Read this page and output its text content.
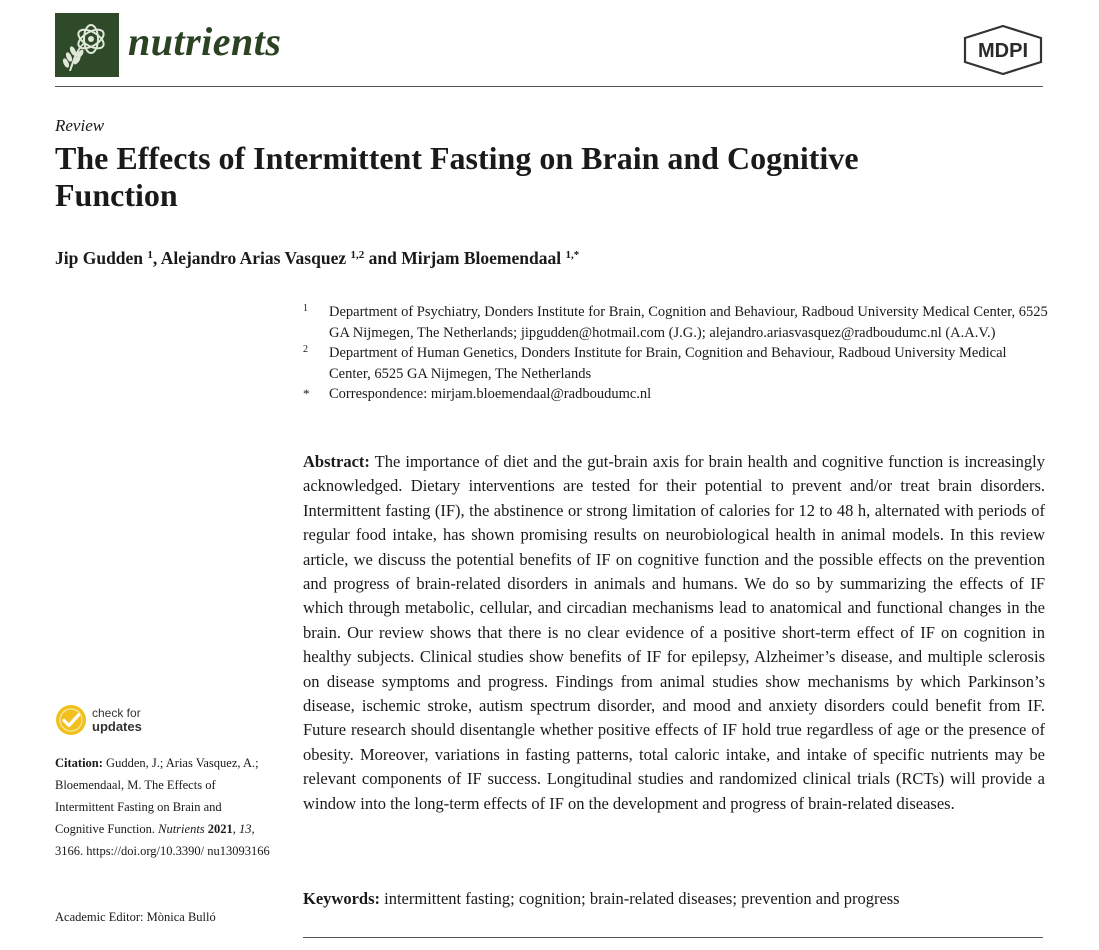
nutrients	MDPI
Review
The Effects of Intermittent Fasting on Brain and Cognitive Function
Jip Gudden $^1$, Alejandro Arias Vasquez $^{1,2}$ and Mirjam Bloemendaal $^{1,*}$
1 Department of Psychiatry, Donders Institute for Brain, Cognition and Behaviour, Radboud University Medical Center, 6525 GA Nijmegen, The Netherlands; jipgudden@hotmail.com (J.G.); alejandro.ariasvasquez@radboudumc.nl (A.A.V.)
2 Department of Human Genetics, Donders Institute for Brain, Cognition and Behaviour, Radboud University Medical Center, 6525 GA Nijmegen, The Netherlands
* Correspondence: mirjam.bloemendaal@radboudumc.nl
Abstract: The importance of diet and the gut-brain axis for brain health and cognitive function is increasingly acknowledged. Dietary interventions are tested for their potential to prevent and/or treat brain disorders. Intermittent fasting (IF), the abstinence or strong limitation of calories for 12 to 48 h, alternated with periods of regular food intake, has shown promising results on neurobiological health in animal models. In this review article, we discuss the potential benefits of IF on cognitive function and the possible effects on the prevention and progress of brain-related disorders in animals and humans. We do so by summarizing the effects of IF which through metabolic, cellular, and circadian mechanisms lead to anatomical and functional changes in the brain. Our review shows that there is no clear evidence of a positive short-term effect of IF on cognition in healthy subjects. Clinical studies show benefits of IF for epilepsy, Alzheimer’s disease, and multiple sclerosis on disease symptoms and progress. Findings from animal studies show mechanisms by which Parkinson’s disease, ischemic stroke, autism spectrum disorder, and mood and anxiety disorders could benefit from IF. Future research should disentangle whether positive effects of IF hold true regardless of age or the presence of obesity. Moreover, variations in fasting patterns, total caloric intake, and intake of specific nutrients may be relevant components of IF success. Longitudinal studies and randomized clinical trials (RCTs) will provide a window into the long-term effects of IF on the development and progress of brain-related diseases.
Keywords: intermittent fasting; cognition; brain-related diseases; prevention and progress
check for
updates
Citation: Gudden, J.; Arias Vasquez, A.; Bloemendaal, M. The Effects of Intermittent Fasting on Brain and Cognitive Function. Nutrients 2021, 13, 3166. https://doi.org/10.3390/ nu13093166
Academic Editor: Mònica Bulló
